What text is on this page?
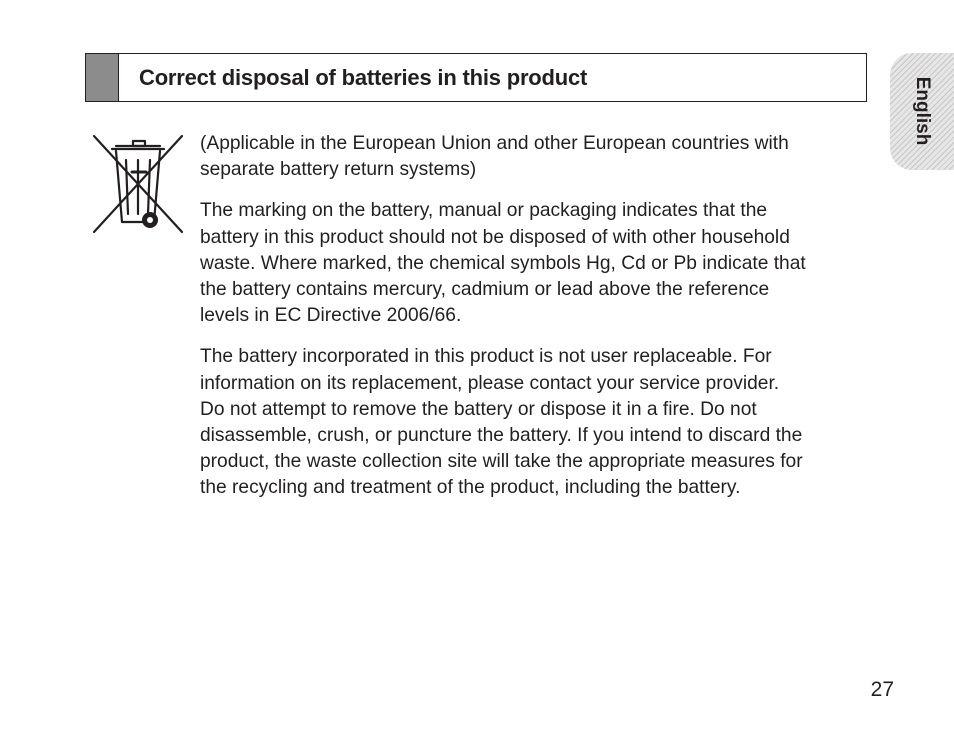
Correct disposal of batteries in this product	English

(Applicable in the European Union and other European countries with
separate battery return systems)

The marking on the battery, manual or packaging indicates that the
battery in this product should not be disposed of with other household
waste. Where marked, the chemical symbols Hg, Cd or Pb indicate that
the battery contains mercury, cadmium or lead above the reference
levels in EC Directive 2006/66.

The battery incorporated in this product is not user replaceable. For
information on its replacement, please contact your service provider.
Do not attempt to remove the battery or dispose it in a fire. Do not
disassemble, crush, or puncture the battery. If you intend to discard the
product, the waste collection site will take the appropriate measures for
the recycling and treatment of the product, including the battery.

27
